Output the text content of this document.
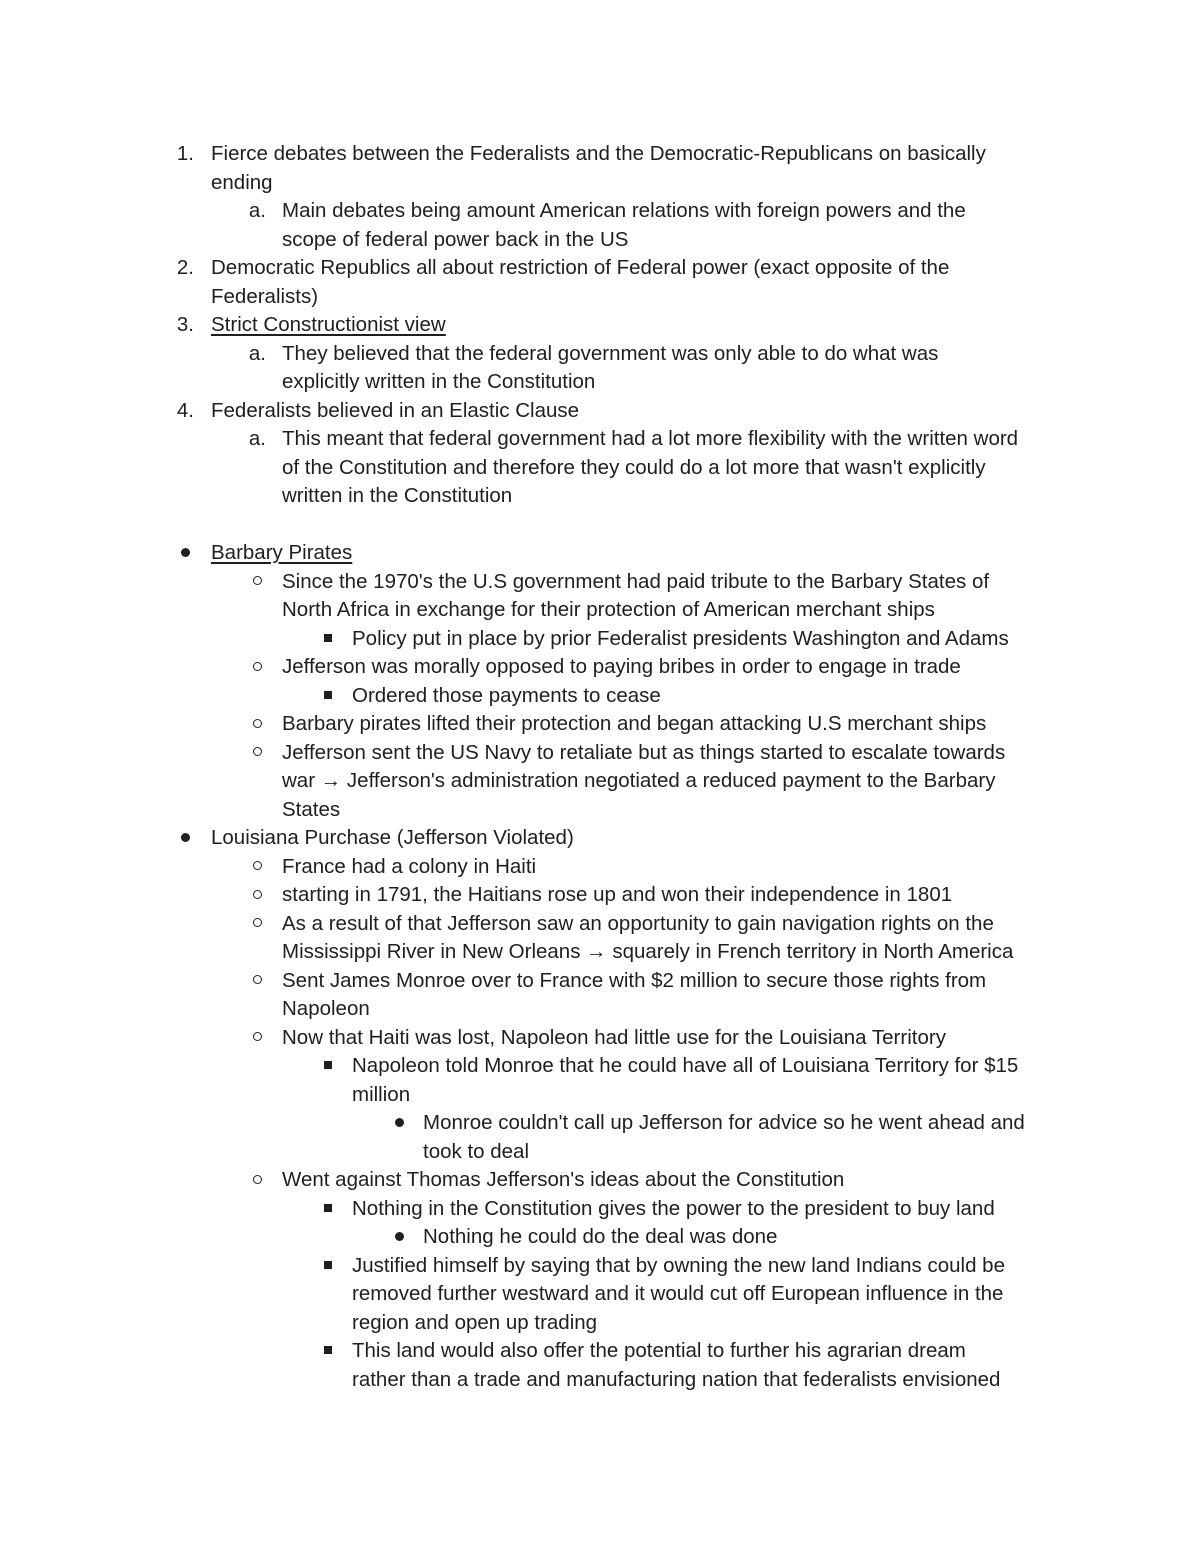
1. Fierce debates between the Federalists and the Democratic-Republicans on basically
ending
a. Main debates being amount American relations with foreign powers and the
scope of federal power back in the US
2. Democratic Republics all about restriction of Federal power (exact opposite of the
Federalists)
3. Strict Constructionist view
a. They believed that the federal government was only able to do what was
explicitly written in the Constitution
4. Federalists believed in an Elastic Clause
a. This meant that federal government had a lot more flexibility with the written word
of the Constitution and therefore they could do a lot more that wasn't explicitly
written in the Constitution
Barbary Pirates
Since the 1970's the U.S government had paid tribute to the Barbary States of
North Africa in exchange for their protection of American merchant ships
Policy put in place by prior Federalist presidents Washington and Adams
Jefferson was morally opposed to paying bribes in order to engage in trade
Ordered those payments to cease
Barbary pirates lifted their protection and began attacking U.S merchant ships
Jefferson sent the US Navy to retaliate but as things started to escalate towards
war → Jefferson's administration negotiated a reduced payment to the Barbary
States
Louisiana Purchase (Jefferson Violated)
France had a colony in Haiti
starting in 1791, the Haitians rose up and won their independence in 1801
As a result of that Jefferson saw an opportunity to gain navigation rights on the
Mississippi River in New Orleans → squarely in French territory in North America
Sent James Monroe over to France with $2 million to secure those rights from
Napoleon
Now that Haiti was lost, Napoleon had little use for the Louisiana Territory
Napoleon told Monroe that he could have all of Louisiana Territory for $15
million
Monroe couldn't call up Jefferson for advice so he went ahead and
took to deal
Went against Thomas Jefferson's ideas about the Constitution
Nothing in the Constitution gives the power to the president to buy land
Nothing he could do the deal was done
Justified himself by saying that by owning the new land Indians could be
removed further westward and it would cut off European influence in the
region and open up trading
This land would also offer the potential to further his agrarian dream
rather than a trade and manufacturing nation that federalists envisioned
